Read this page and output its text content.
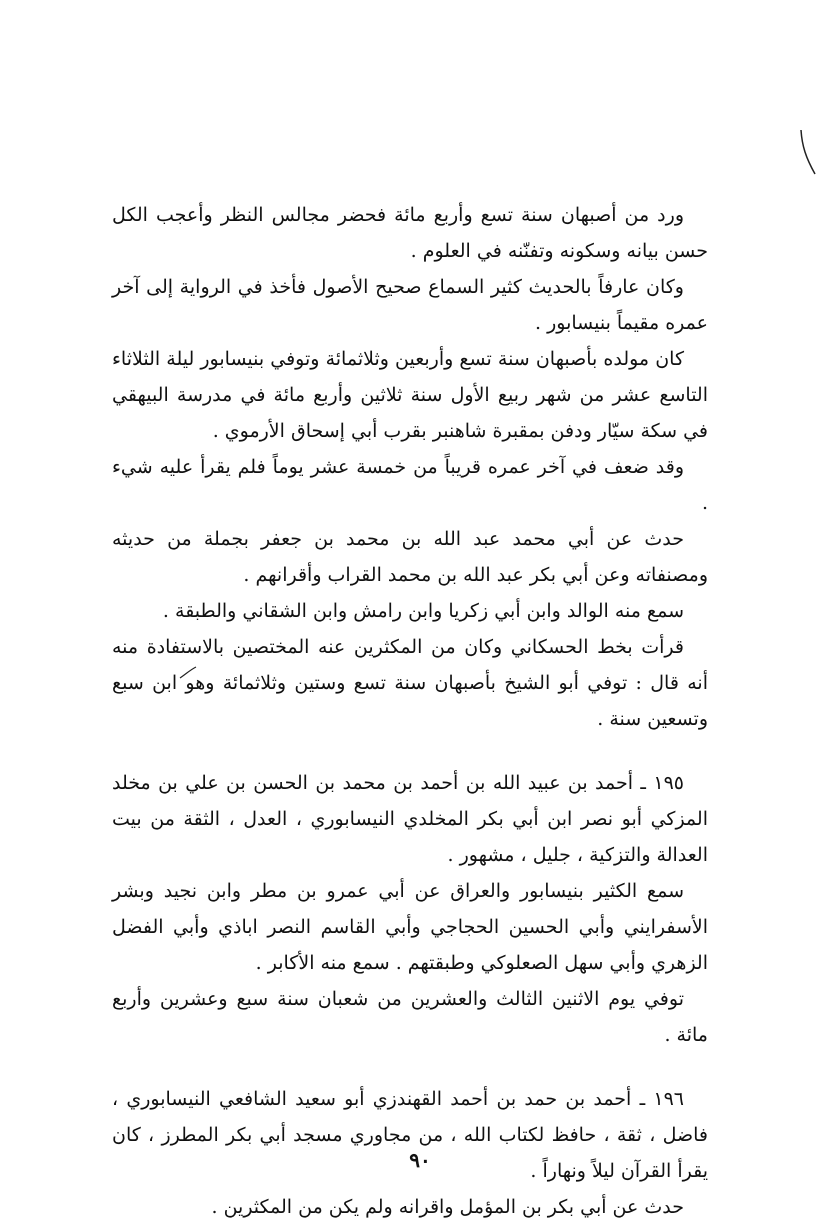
ورد من أصبهان سنة تسع وأربع مائة فحضر مجالس النظر وأعجب الكل حسن بيانه وسكونه وتفنّنه في العلوم .

وكان عارفاً بالحديث كثير السماع صحيح الأصول فأخذ في الرواية إلى آخر عمره مقيماً بنيسابور .

كان مولده بأصبهان سنة تسع وأربعين وثلاثمائة وتوفي بنيسابور ليلة الثلاثاء التاسع عشر من شهر ربيع الأول سنة ثلاثين وأربع مائة في مدرسة البيهقي في سكة سيّار ودفن بمقبرة شاهنبر بقرب أبي إسحاق الأرموي .

وقد ضعف في آخر عمره قريباً من خمسة عشر يوماً فلم يقرأ عليه شيء .

حدث عن أبي محمد عبد الله بن محمد بن جعفر بجملة من حديثه ومصنفاته وعن أبي بكر عبد الله بن محمد القراب وأقرانهم .

سمع منه الوالد وابن أبي زكريا وابن رامش وابن الشقاني والطبقة .

قرأت بخط الحسكاني وكان من المكثرين عنه المختصين بالاستفادة منه أنه قال : توفي أبو الشيخ بأصبهان سنة تسع وستين وثلاثمائة وهو ابن سبع وتسعين سنة .

١٩٥ ـ أحمد بن عبيد الله بن أحمد بن محمد بن الحسن بن علي بن مخلد المزكي أبو نصر ابن أبي بكر المخلدي النيسابوري ، العدل ، الثقة من بيت العدالة والتزكية ، جليل ، مشهور .

سمع الكثير بنيسابور والعراق عن أبي عمرو بن مطر وابن نجيد وبشر الأسفرايني وأبي الحسين الحجاجي وأبي القاسم النصر اباذي وأبي الفضل الزهري وأبي سهل الصعلوكي وطبقتهم . سمع منه الأكابر .

توفي يوم الاثنين الثالث والعشرين من شعبان سنة سبع وعشرين وأربع مائة .

١٩٦ ـ أحمد بن حمد بن أحمد القهندزي أبو سعيد الشافعي النيسابوري ، فاضل ، ثقة ، حافظ لكتاب الله ، من مجاوري مسجد أبي بكر المطرز ، كان يقرأ القرآن ليلاً ونهاراً .

حدث عن أبي بكر بن المؤمل واقرانه ولم يكن من المكثرين .

٩٠
